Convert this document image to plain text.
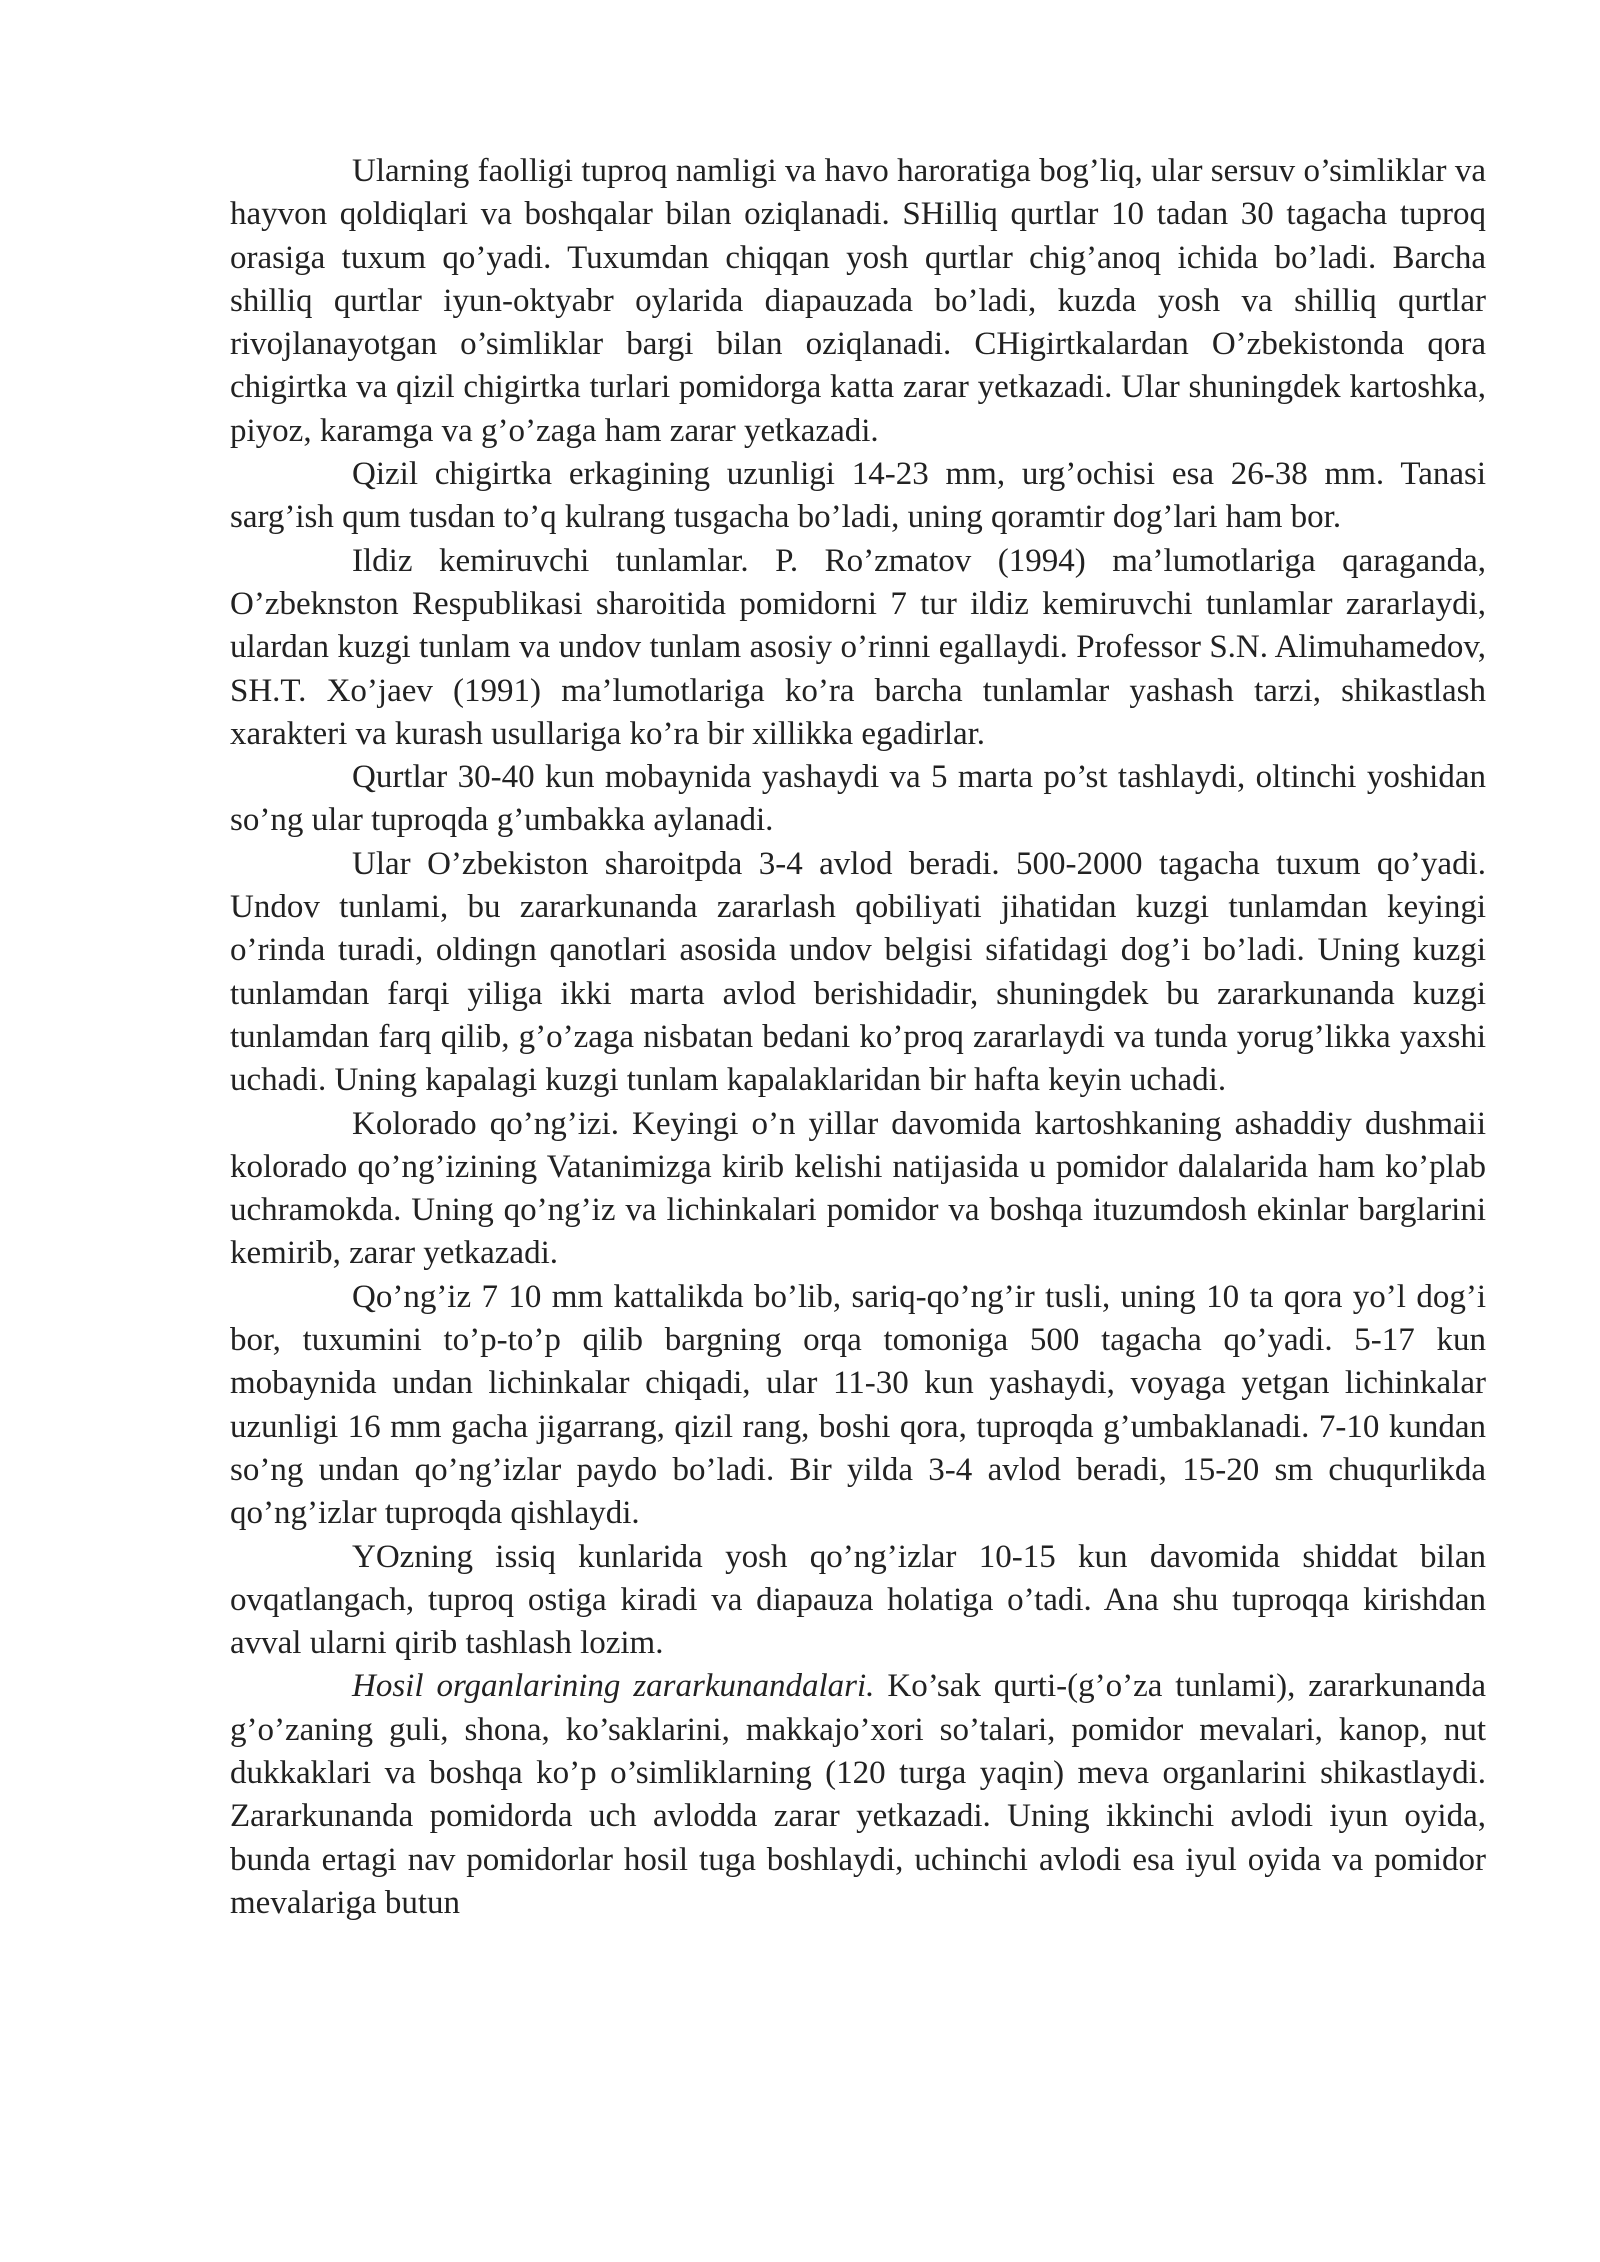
Ularning faolligi tuproq namligi va havo haroratiga bog’liq, ular sersuv o’simliklar va hayvon qoldiqlari va boshqalar bilan oziqlanadi. SHilliq qurtlar 10 tadan 30 tagacha tuproq orasiga tuxum qo’yadi. Tuxumdan chiqqan yosh qurtlar chig’anoq ichida bo’ladi. Barcha shilliq qurtlar iyun-oktyabr oylarida diapauzada bo’ladi, kuzda yosh va shilliq qurtlar rivojlanayotgan o’simliklar bargi bilan oziqlanadi. CHigirtkalardan O’zbekistonda qora chigirtka va qizil chigirtka turlari pomidorga katta zarar yetkazadi. Ular shuningdek kartoshka, piyoz, karamga va g’o’zaga ham zarar yetkazadi.

Qizil chigirtka erkagining uzunligi 14-23 mm, urg’ochisi esa 26-38 mm. Tanasi sarg’ish qum tusdan to’q kulrang tusgacha bo’ladi, uning qoramtir dog’lari ham bor.

Ildiz kemiruvchi tunlamlar. P. Ro’zmatov (1994) ma’lumotlariga qaraganda, O’zbeknston Respublikasi sharoitida pomidorni 7 tur ildiz kemiruvchi tunlamlar zararlaydi, ulardan kuzgi tunlam va undov tunlam asosiy o’rinni egallaydi. Professor S.N. Alimuhamedov, SH.T. Xo’jaev (1991) ma’lumotlariga ko’ra barcha tunlamlar yashash tarzi, shikastlash xarakteri va kurash usullariga ko’ra bir xillikka egadirlar.

Qurtlar 30-40 kun mobaynida yashaydi va 5 marta po’st tashlaydi, oltinchi yoshidan so’ng ular tuproqda g’umbakka aylanadi.

Ular O’zbekiston sharoitpda 3-4 avlod beradi. 500-2000 tagacha tuxum qo’yadi. Undov tunlami, bu zararkunanda zararlash qobiliyati jihatidan kuzgi tunlamdan keyingi o’rinda turadi, oldingn qanotlari asosida undov belgisi sifatidagi dog’i bo’ladi. Uning kuzgi tunlamdan farqi yiliga ikki marta avlod berishidadir, shuningdek bu zararkunanda kuzgi tunlamdan farq qilib, g’o’zaga nisbatan bedani ko’proq zararlaydi va tunda yorug’likka yaxshi uchadi. Uning kapalagi kuzgi tunlam kapalaklaridan bir hafta keyin uchadi.

Kolorado qo’ng’izi. Keyingi o’n yillar davomida kartoshkaning ashaddiy dushmaii kolorado qo’ng’izining Vatanimizga kirib kelishi natijasida u pomidor dalalarida ham ko’plab uchramokda. Uning qo’ng’iz va lichinkalari pomidor va boshqa ituzumdosh ekinlar barglarini kemirib, zarar yetkazadi.

Qo’ng’iz 7 10 mm kattalikda bo’lib, sariq-qo’ng’ir tusli, uning 10 ta qora yo’l dog’i bor, tuxumini to’p-to’p qilib bargning orqa tomoniga 500 tagacha qo’yadi. 5-17 kun mobaynida undan lichinkalar chiqadi, ular 11-30 kun yashaydi, voyaga yetgan lichinkalar uzunligi 16 mm gacha jigarrang, qizil rang, boshi qora, tuproqda g’umbaklanadi. 7-10 kundan so’ng undan qo’ng’izlar paydo bo’ladi. Bir yilda 3-4 avlod beradi, 15-20 sm chuqurlikda qo’ng’izlar tuproqda qishlaydi.

YOzning issiq kunlarida yosh qo’ng’izlar 10-15 kun davomida shiddat bilan ovqatlangach, tuproq ostiga kiradi va diapauza holatiga o’tadi. Ana shu tuproqqa kirishdan avval ularni qirib tashlash lozim.

Hosil organlarining zararkunandalari. Ko’sak qurti-(g’o’za tunlami), zararkunanda g’o’zaning guli, shona, ko’saklarini, makkajo’xori so’talari, pomidor mevalari, kanop, nut dukkaklari va boshqa ko’p o’simliklarning (120 turga yaqin) meva organlarini shikastlaydi. Zararkunanda pomidorda uch avlodda zarar yetkazadi. Uning ikkinchi avlodi iyun oyida, bunda ertagi nav pomidorlar hosil tuga boshlaydi, uchinchi avlodi esa iyul oyida va pomidor mevalariga butun
